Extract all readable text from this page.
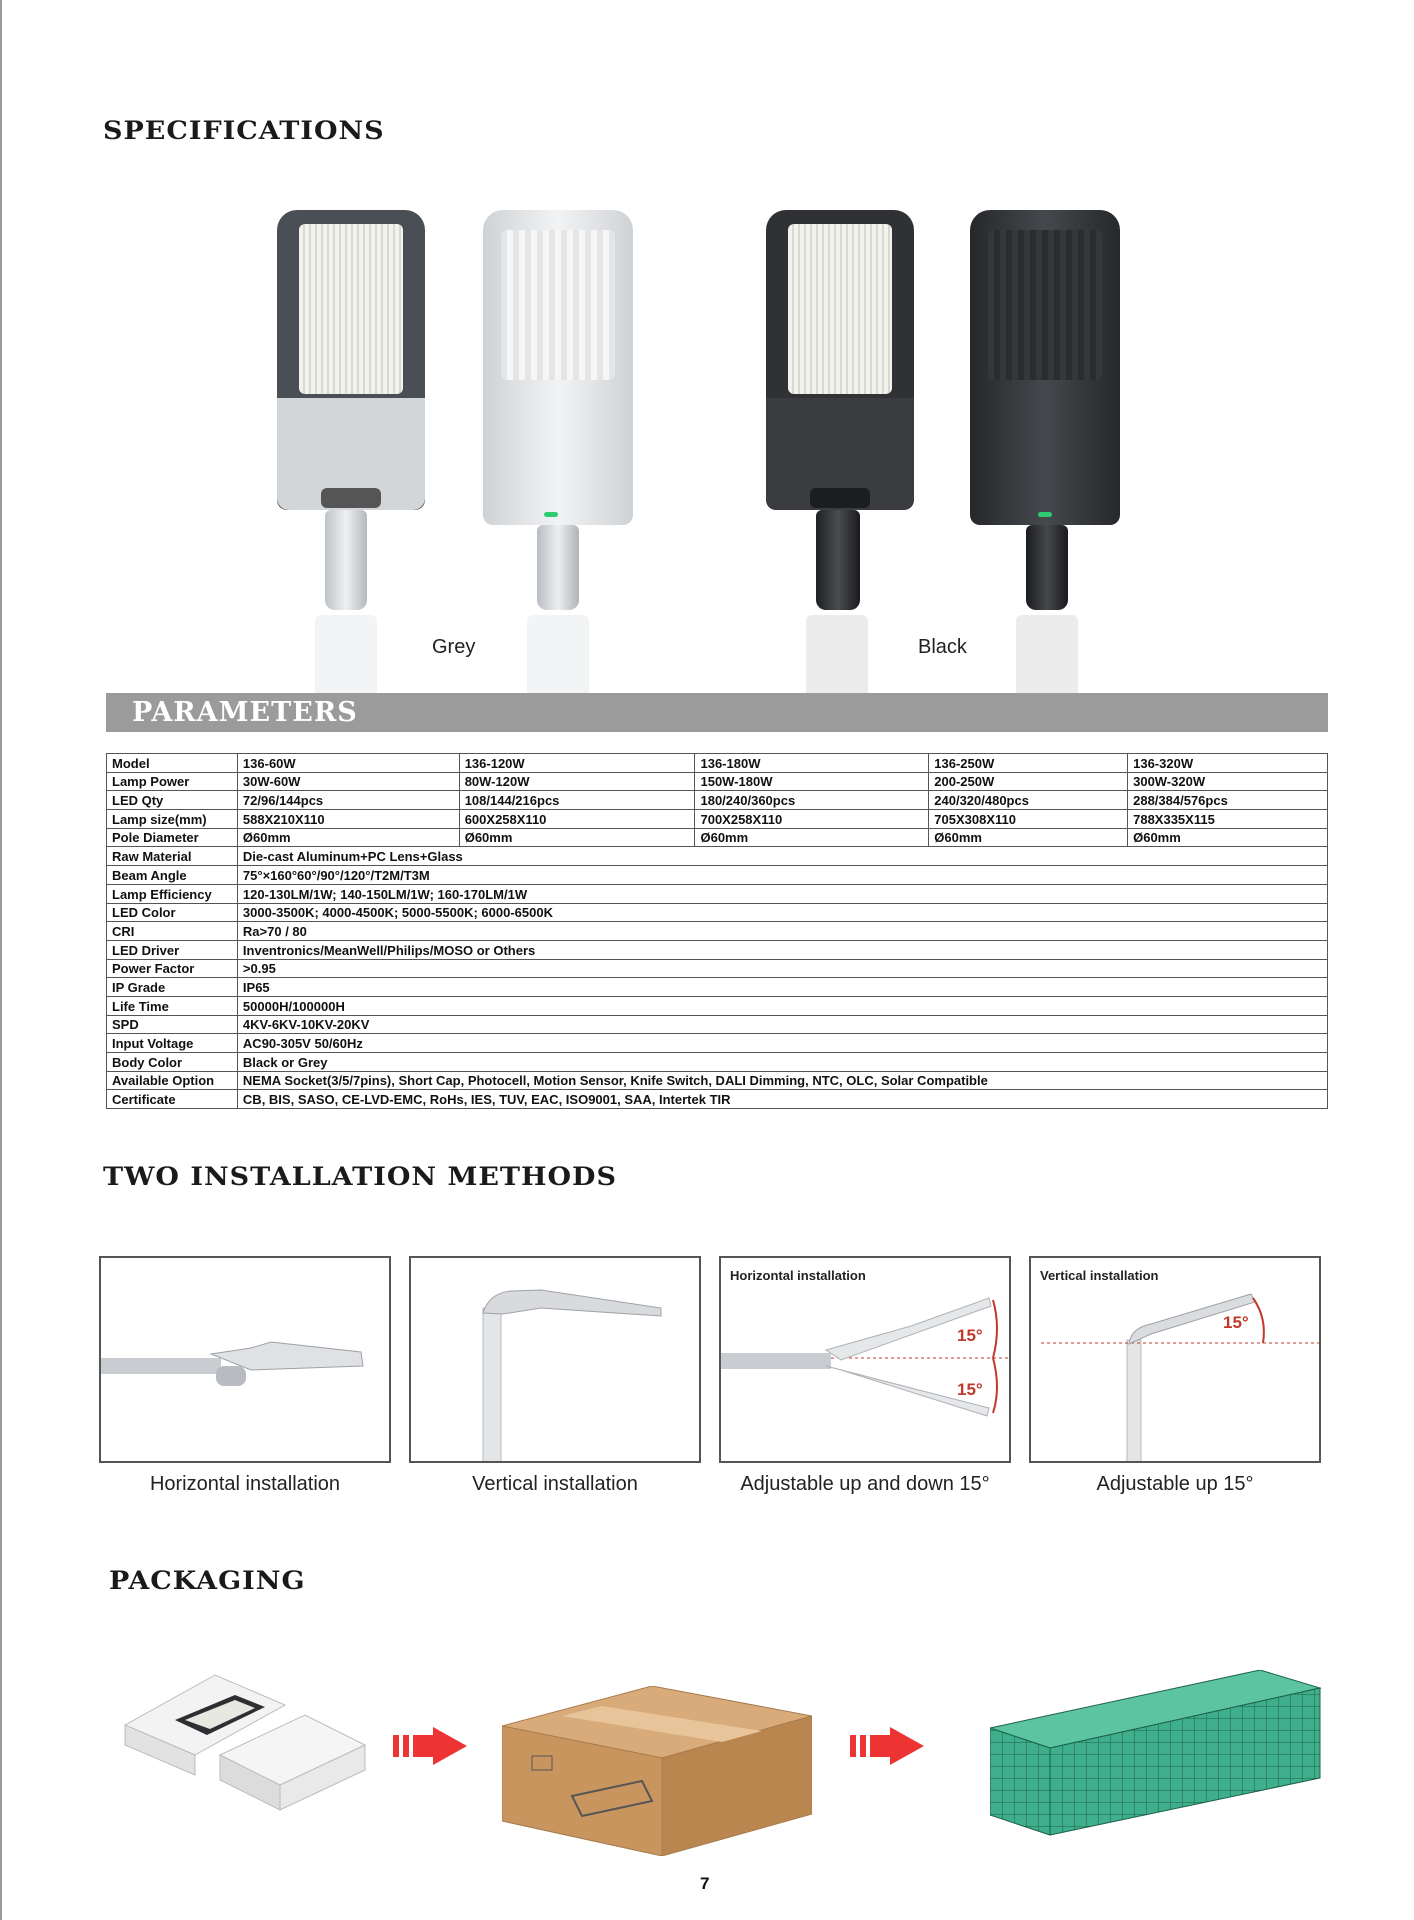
SPECIFICATIONS
Grey	Black
PARAMETERS
Model	136-60W	136-120W	136-180W	136-250W	136-320W
Lamp Power	30W-60W	80W-120W	150W-180W	200-250W	300W-320W
LED Qty	72/96/144pcs	108/144/216pcs	180/240/360pcs	240/320/480pcs	288/384/576pcs
Lamp size(mm)	588X210X110	600X258X110	700X258X110	705X308X110	788X335X115
Pole Diameter	Ø60mm	Ø60mm	Ø60mm	Ø60mm	Ø60mm
Raw Material	Die-cast Aluminum+PC Lens+Glass				
Beam Angle	75°×160°60°/90°/120°/T2M/T3M				
Lamp Efficiency	120-130LM/1W; 140-150LM/1W; 160-170LM/1W				
LED Color	3000-3500K; 4000-4500K; 5000-5500K; 6000-6500K				
CRI	Ra>70 / 80				
LED Driver	Inventronics/MeanWell/Philips/MOSO or Others				
Power Factor	>0.95				
IP Grade	IP65				
Life Time	50000H/100000H				
SPD	4KV-6KV-10KV-20KV				
Input Voltage	AC90-305V 50/60Hz				
Body Color	Black or Grey				
Available Option	NEMA Socket(3/5/7pins), Short Cap, Photocell, Motion Sensor, Knife Switch, DALI Dimming, NTC, OLC, Solar Compatible				
Certificate	CB, BIS, SASO, CE-LVD-EMC, RoHs, IES, TUV, EAC, ISO9001, SAA, Intertek TIR				
TWO INSTALLATION METHODS
Horizontal installation
15°
15°
Vertical installation
15°
Horizontal installation	Vertical installation	Adjustable up and down 15°	Adjustable up 15°
PACKAGING
7
